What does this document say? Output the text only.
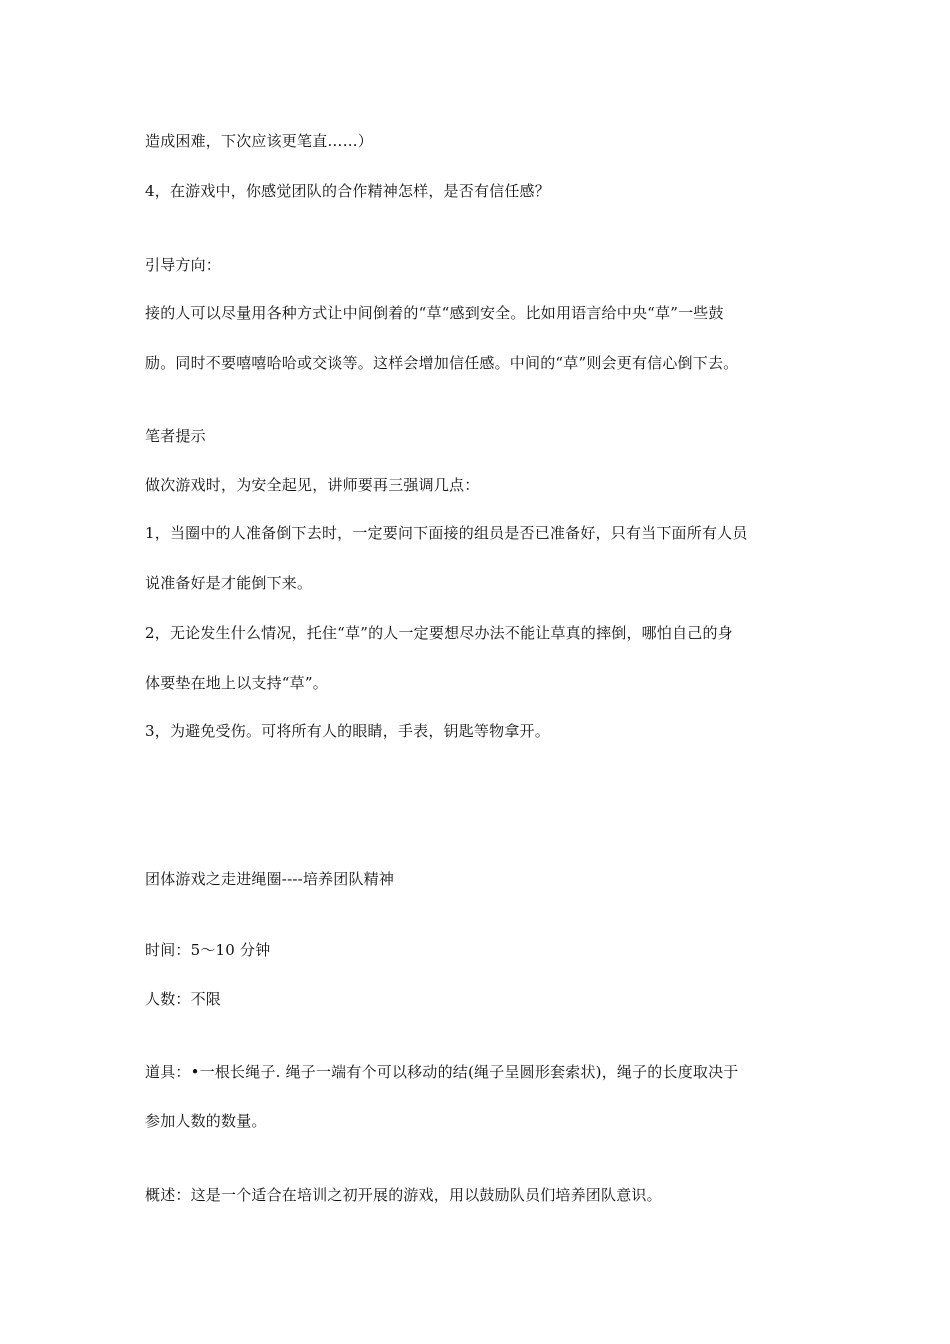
造成困难，下次应该更笔直……）
4，在游戏中，你感觉团队的合作精神怎样，是否有信任感？
引导方向：
接的人可以尽量用各种方式让中间倒着的“草“感到安全。比如用语言给中央“草”一些鼓
励。同时不要嘻嘻哈哈或交谈等。这样会增加信任感。中间的“草”则会更有信心倒下去。
笔者提示
做次游戏时，为安全起见，讲师要再三强调几点：
1，当圈中的人准备倒下去时，一定要问下面接的组员是否已准备好，只有当下面所有人员
说准备好是才能倒下来。
2，无论发生什么情况，托住“草”的人一定要想尽办法不能让草真的摔倒，哪怕自己的身
体要垫在地上以支持“草”。
3，为避免受伤。可将所有人的眼睛，手表，钥匙等物拿开。
团体游戏之走进绳圈----培养团队精神
时间：5～10 分钟
人数：不限
道具：•一根长绳子. 绳子一端有个可以移动的结(绳子呈圆形套索状)，绳子的长度取决于
参加人数的数量。
概述：这是一个适合在培训之初开展的游戏，用以鼓励队员们培养团队意识。
